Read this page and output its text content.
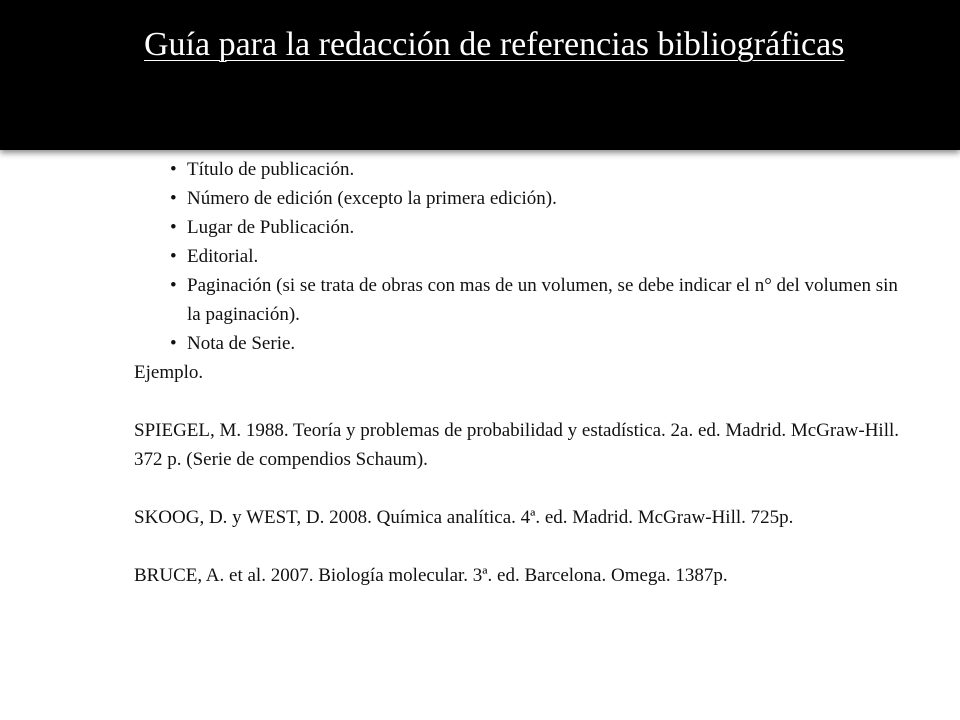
Guía para la redacción de referencias bibliográficas
•
• Título de publicación.
• Número de edición (excepto la primera edición).
• Lugar de Publicación.
• Editorial.
• Paginación (si se trata de obras con mas de un volumen, se debe indicar el n° del volumen sin la paginación).
• Nota de Serie.

Ejemplo.

SPIEGEL, M. 1988. Teoría y problemas de probabilidad y estadística. 2a. ed. Madrid. McGraw-Hill. 372 p. (Serie de compendios Schaum).

SKOOG, D. y WEST, D. 2008. Química analítica. 4ª. ed. Madrid. McGraw-Hill. 725p.

BRUCE, A. et al. 2007. Biología molecular. 3ª. ed. Barcelona. Omega. 1387p.
